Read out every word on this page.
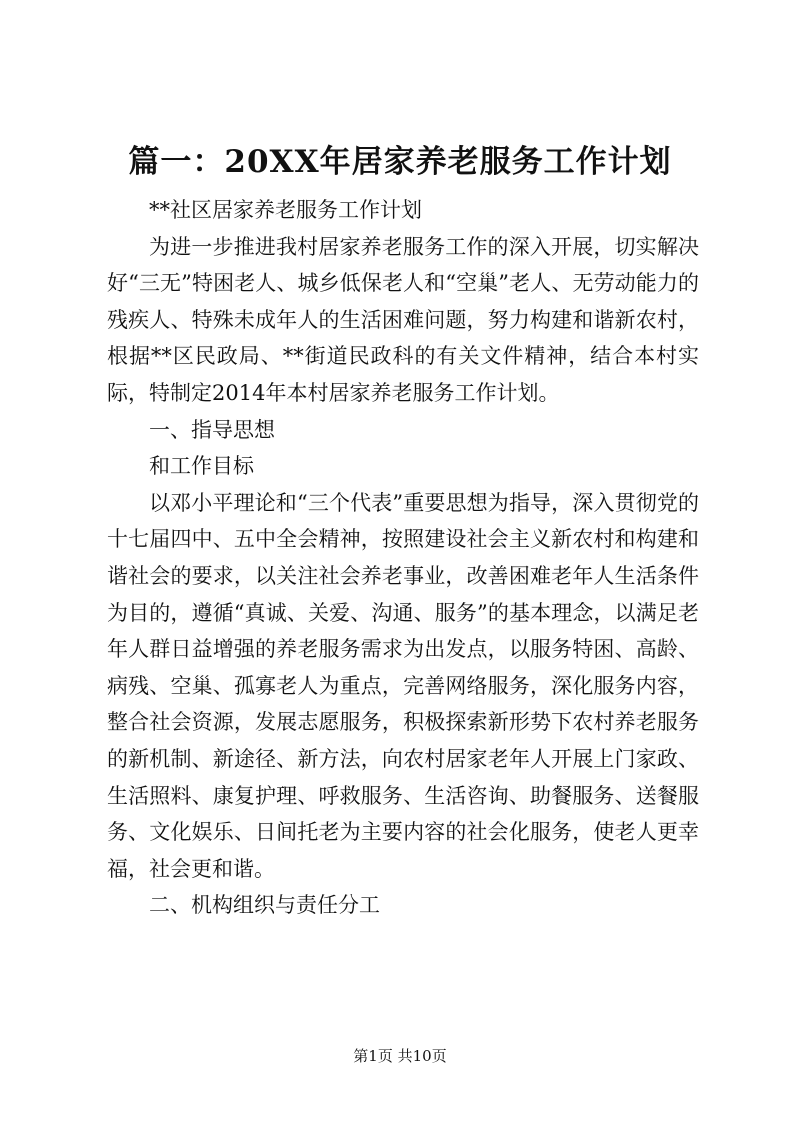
篇一：20XX年居家养老服务工作计划

**社区居家养老服务工作计划

为进一步推进我村居家养老服务工作的深入开展，切实解决好“三无”特困老人、城乡低保老人和“空巢”老人、无劳动能力的残疾人、特殊未成年人的生活困难问题，努力构建和谐新农村，根据**区民政局、**街道民政科的有关文件精神，结合本村实际，特制定2014年本村居家养老服务工作计划。

一、指导思想

和工作目标

以邓小平理论和“三个代表”重要思想为指导，深入贯彻党的十七届四中、五中全会精神，按照建设社会主义新农村和构建和谐社会的要求，以关注社会养老事业，改善困难老年人生活条件为目的，遵循“真诚、关爱、沟通、服务”的基本理念，以满足老年人群日益增强的养老服务需求为出发点，以服务特困、高龄、病残、空巢、孤寡老人为重点，完善网络服务，深化服务内容，整合社会资源，发展志愿服务，积极探索新形势下农村养老服务的新机制、新途径、新方法，向农村居家老年人开展上门家政、生活照料、康复护理、呼救服务、生活咨询、助餐服务、送餐服务、文化娱乐、日间托老为主要内容的社会化服务，使老人更幸福，社会更和谐。

二、机构组织与责任分工

第1页 共10页
